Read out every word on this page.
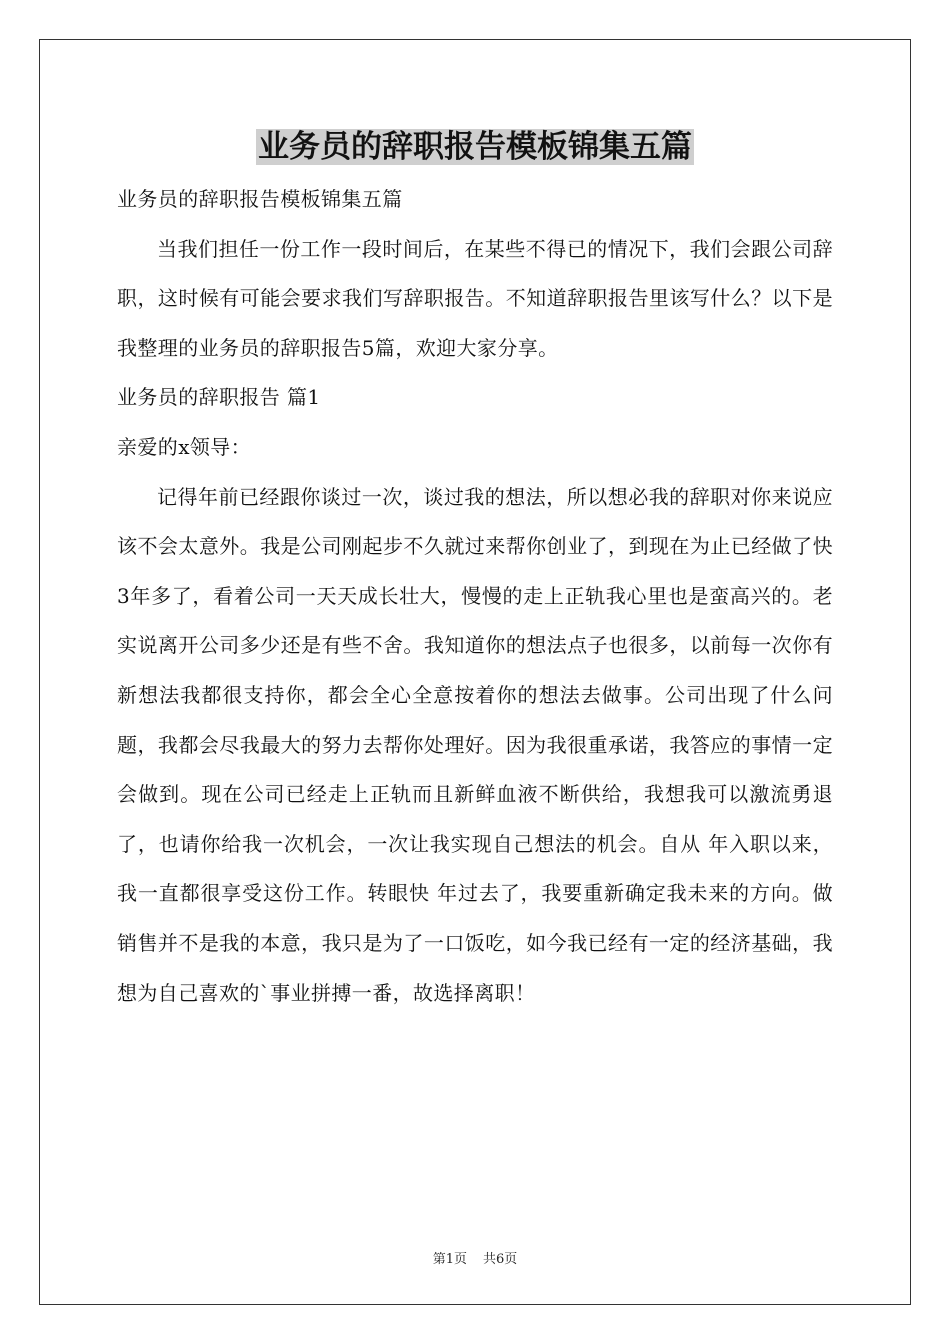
业务员的辞职报告模板锦集五篇

业务员的辞职报告模板锦集五篇

当我们担任一份工作一段时间后，在某些不得已的情况下，我们会跟公司辞职，这时候有可能会要求我们写辞职报告。不知道辞职报告里该写什么？以下是我整理的业务员的辞职报告5篇，欢迎大家分享。

业务员的辞职报告 篇1

亲爱的x领导：

记得年前已经跟你谈过一次，谈过我的想法，所以想必我的辞职对你来说应该不会太意外。我是公司刚起步不久就过来帮你创业了，到现在为止已经做了快3年多了，看着公司一天天成长壮大，慢慢的走上正轨我心里也是蛮高兴的。老实说离开公司多少还是有些不舍。我知道你的想法点子也很多，以前每一次你有新想法我都很支持你，都会全心全意按着你的想法去做事。公司出现了什么问题，我都会尽我最大的努力去帮你处理好。因为我很重承诺，我答应的事情一定会做到。现在公司已经走上正轨而且新鲜血液不断供给，我想我可以激流勇退了，也请你给我一次机会，一次让我实现自己想法的机会。自从 年入职以来，我一直都很享受这份工作。转眼快 年过去了，我要重新确定我未来的方向。做销售并不是我的本意，我只是为了一口饭吃，如今我已经有一定的经济基础，我想为自己喜欢的`事业拼搏一番，故选择离职！

第1页 共6页
